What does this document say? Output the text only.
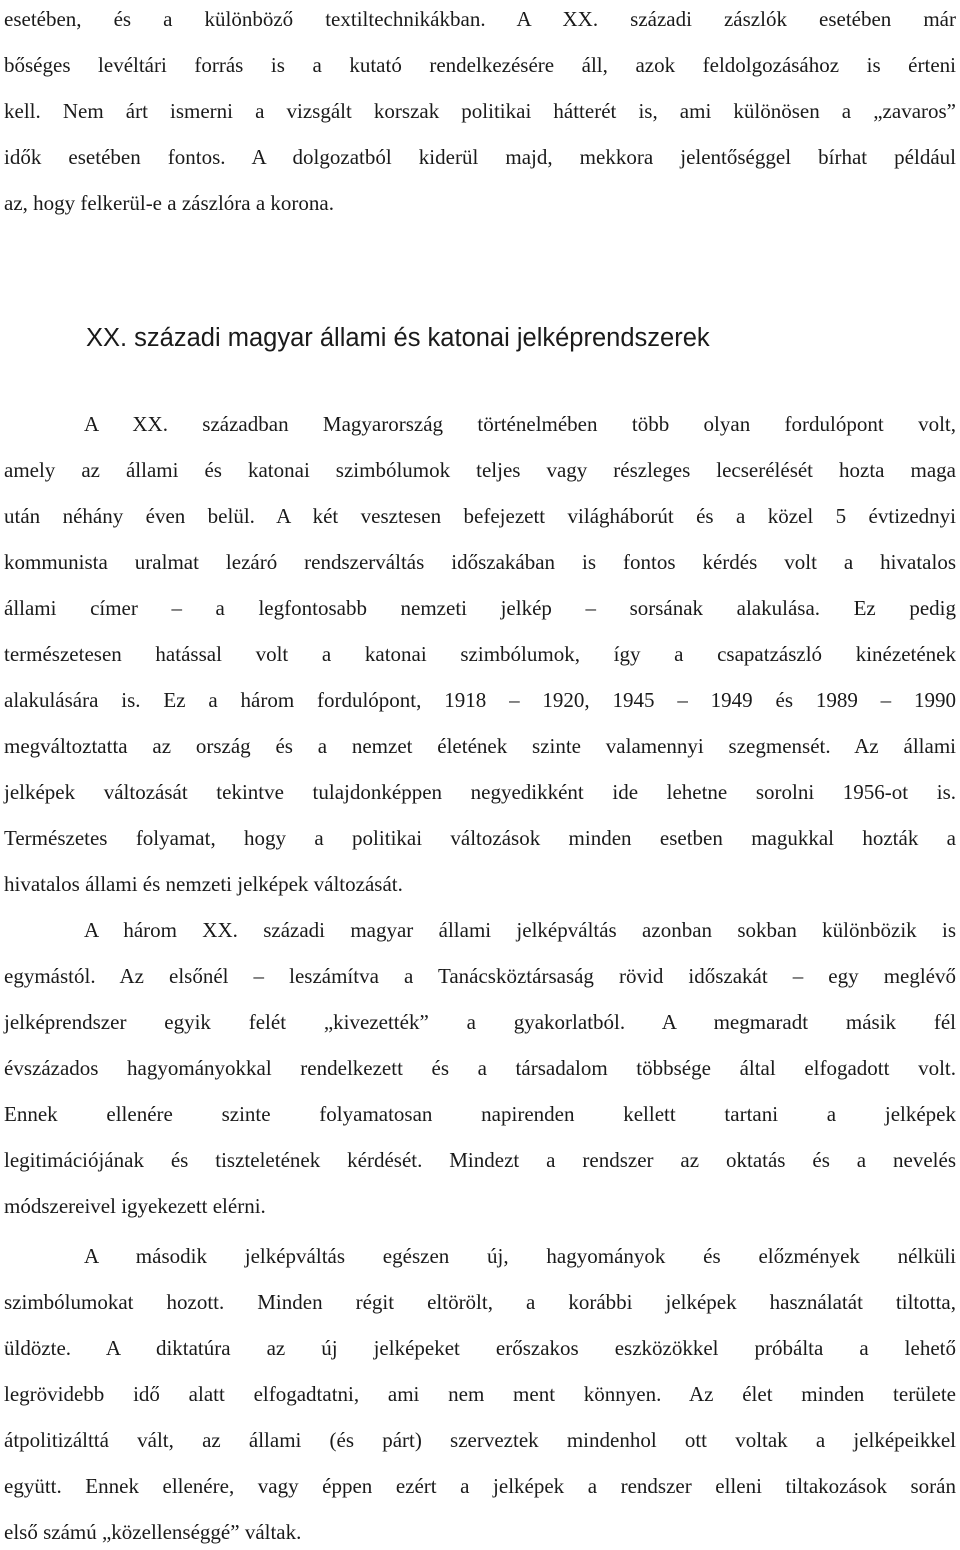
esetében, és a különböző textiltechnikákban. A XX. századi zászlók esetében már
bőséges levéltári forrás is a kutató rendelkezésére áll, azok feldolgozásához is érteni
kell. Nem árt ismerni a vizsgált korszak politikai hátterét is, ami különösen a „zavaros”
idők esetében fontos. A dolgozatból kiderül majd, mekkora jelentőséggel bírhat például
az, hogy felkerül-e a zászlóra a korona.
XX. századi magyar állami és katonai jelképrendszerek
A XX. században Magyarország történelmében több olyan fordulópont volt,
amely az állami és katonai szimbólumok teljes vagy részleges lecserélését hozta maga
után néhány éven belül. A két vesztesen befejezett világháborút és a közel 5 évtizednyi
kommunista uralmat lezáró rendszerváltás időszakában is fontos kérdés volt a hivatalos
állami címer – a legfontosabb nemzeti jelkép – sorsának alakulása. Ez pedig
természetesen hatással volt a katonai szimbólumok, így a csapatzászló kinézetének
alakulására is. Ez a három fordulópont, 1918 – 1920, 1945 – 1949 és 1989 – 1990
megváltoztatta az ország és a nemzet életének szinte valamennyi szegmensét. Az állami
jelképek változását tekintve tulajdonképpen negyedikként ide lehetne sorolni 1956-ot is.
Természetes folyamat, hogy a politikai változások minden esetben magukkal hozták a
hivatalos állami és nemzeti jelképek változását.
A három XX. századi magyar állami jelképváltás azonban sokban különbözik is
egymástól. Az elsőnél – leszámítva a Tanácsköztársaság rövid időszakát – egy meglévő
jelképrendszer egyik felét „kivezették” a gyakorlatból. A megmaradt másik fél
évszázados hagyományokkal rendelkezett és a társadalom többsége által elfogadott volt.
Ennek ellenére szinte folyamatosan napirenden kellett tartani a jelképek
legitimációjának és tiszteletének kérdését. Mindezt a rendszer az oktatás és a nevelés
módszereivel igyekezett elérni.
A második jelképváltás egészen új, hagyományok és előzmények nélküli
szimbólumokat hozott. Minden régit eltörölt, a korábbi jelképek használatát tiltotta,
üldözte. A diktatúra az új jelképeket erőszakos eszközökkel próbálta a lehető
legrövidebb idő alatt elfogadtatni, ami nem ment könnyen. Az élet minden területe
átpolitizálttá vált, az állami (és párt) szerveztek mindenhol ott voltak a jelképeikkel
együtt. Ennek ellenére, vagy éppen ezért a jelképek a rendszer elleni tiltakozások során
első számú „közellenséggé” váltak.
